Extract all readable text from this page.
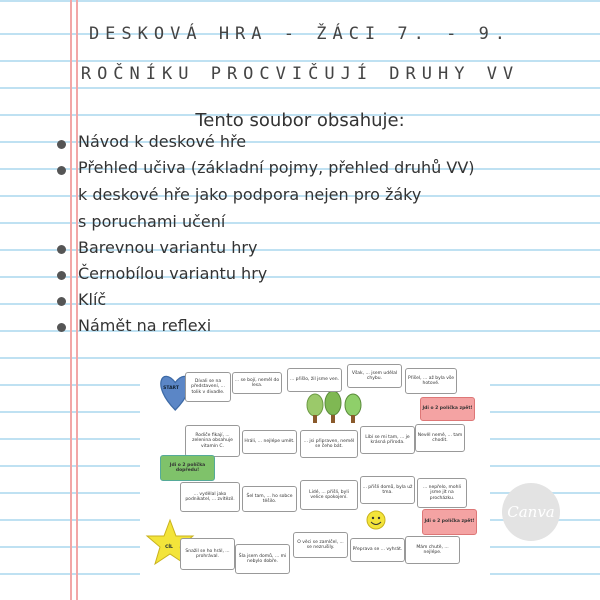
DESKOVÁ HRA - ŽÁCI 7. - 9.
ROČNÍKU PROCVIČUJÍ DRUHY VV
Tento soubor obsahuje:
Návod k deskové hře
Přehled učiva (základní pojmy, přehled druhů VV)
k deskové hře jako podpora nejen pro žáky
s poruchami učení
Barevnou variantu hry
Černobílou variantu hry
Klíč
Námět na reflexi
START
CÍL
Dívali se na představení, ... tolik v divadle.
... se bojí, neměl do lesa.
... přišlo, žil jsme ven.
Však, ... jsem udělal chybu.	Přišel, ... až byla vše hotové.
Jdi o 2 políčka zpět!
Rodiče fikají, ... zelenina obsahuje vitamín C.
Hráli, ... nejlépe umět.	... jsi připraven, neměl se čeho bát.
Líbí se mi tam, ... je krásná příroda.
Nevěl nemě, ... tam chodit.
Jdi o 2 políčka dopředu!
... vydělal jako podnikatel, ... zvítězil.
Šel tam, ... ho sobce těšilo.
Lidé, ... přišli, byli velice spokojení.
... přišli domů, byla už tma.
... nepřelo, mohli jsme jít na procházku.
Jdi o 2 políčka zpět!
Snažil se ho hrál, ... prohrával.	Šla jsem domů, ... mi nebylo dobře.
O věci se zamlčel, ... se nezrušily.	Přeprava se ... vyhrát.
Mám chutě, ... nejlépe.
Canva
